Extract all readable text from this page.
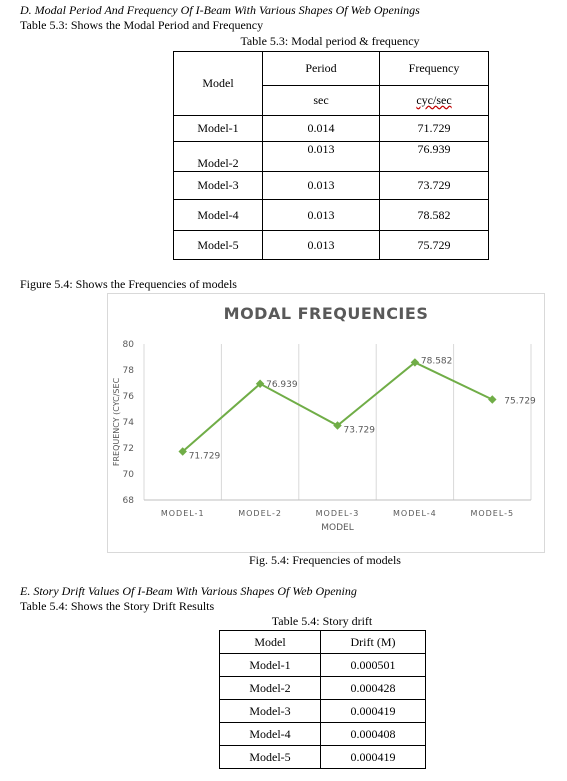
D. Modal Period And Frequency Of I-Beam With Various Shapes Of Web Openings
Table 5.3: Shows the Modal Period and Frequency
Table 5.3: Modal period & frequency
Model	Period	Frequency
	sec	cyc/sec
Model-1	0.014	71.729
Model-2	0.013	76.939
Model-3	0.013	73.729
Model-4	0.013	78.582
Model-5	0.013	75.729
Figure 5.4: Shows the Frequencies of models
MODAL FREQUENCIES
68
70
72
74
76
78
80
MODEL-1	MODEL-2	MODEL-3	MODEL-4	MODEL-5
MODEL
FREQUENCY (CYC/SEC	71.729
76.939
73.729
78.582
75.729
Fig. 5.4: Frequencies of models
E. Story Drift Values Of I-Beam With Various Shapes Of Web Opening
Table 5.4: Shows the Story Drift Results
Table 5.4: Story drift
Model	Drift (M)
Model-1	0.000501
Model-2	0.000428
Model-3	0.000419
Model-4	0.000408
Model-5	0.000419
